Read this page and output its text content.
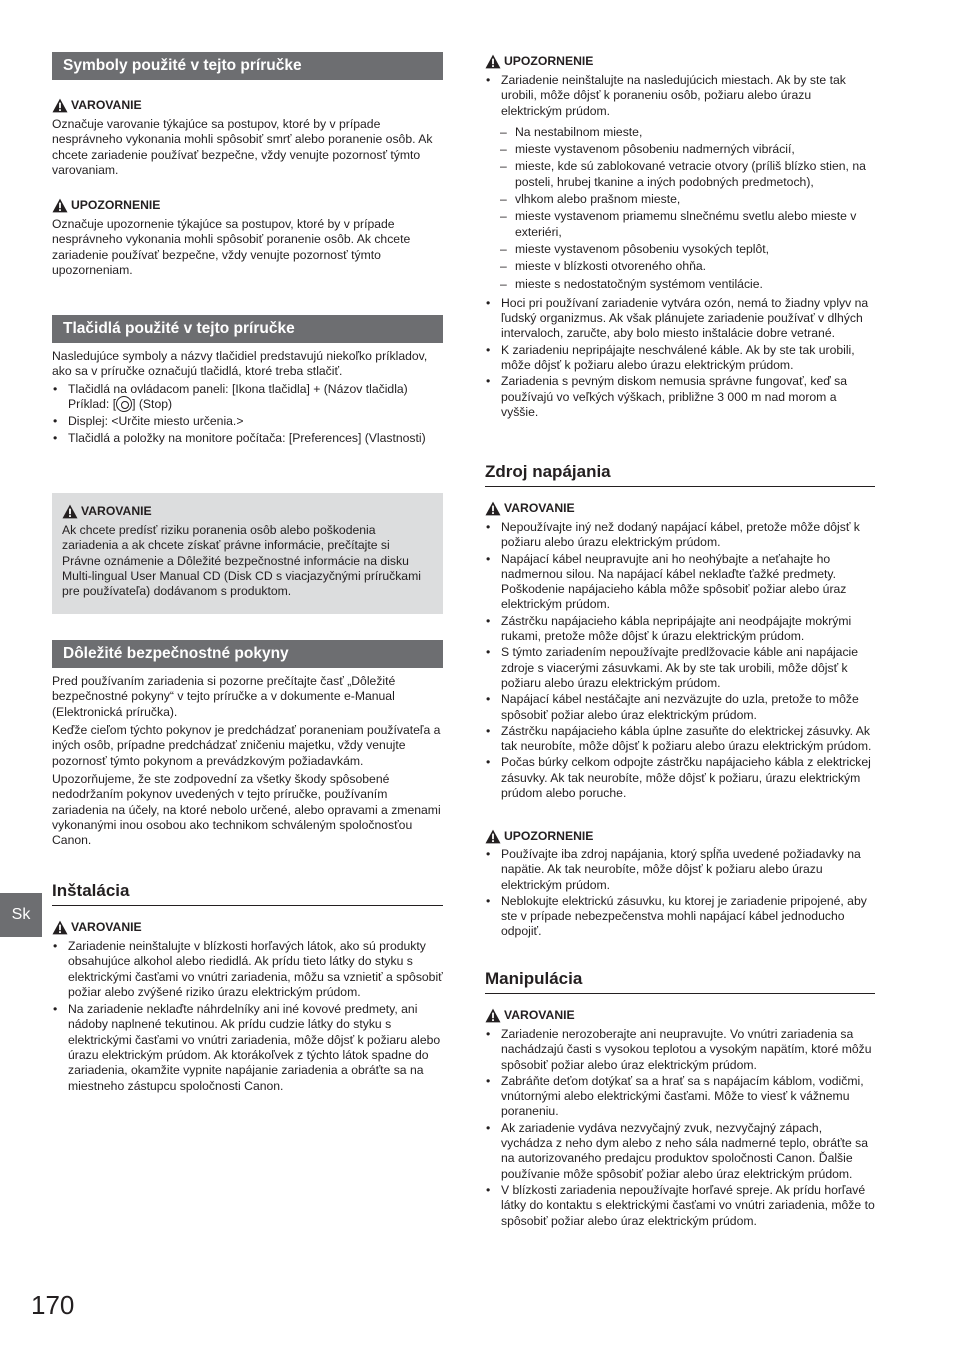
Sk
170
Symboly použité v tejto príručke
VAROVANIE
Označuje varovanie týkajúce sa postupov, ktoré by v prípade nesprávneho vykonania mohli spôsobiť smrť alebo poranenie osôb. Ak chcete zariadenie používať bezpečne, vždy venujte pozornosť týmto varovaniam.
UPOZORNENIE
Označuje upozornenie týkajúce sa postupov, ktoré by v prípade nesprávneho vykonania mohli spôsobiť poranenie osôb. Ak chcete zariadenie používať bezpečne, vždy venujte pozornosť týmto upozorneniam.
Tlačidlá použité v tejto príručke
Nasledujúce symboly a názvy tlačidiel predstavujú niekoľko príkladov, ako sa v príručke označujú tlačidlá, ktoré treba stlačiť.
• Tlačidlá na ovládacom paneli: [Ikona tlačidla] + (Názov tlačidla)
Príklad: [ ] (Stop)
• Displej: <Určite miesto určenia.>
• Tlačidlá a položky na monitore počítača: [Preferences] (Vlastnosti)
VAROVANIE
Ak chcete predísť riziku poranenia osôb alebo poškodenia zariadenia a ak chcete získať právne informácie, prečítajte si Právne oznámenie a Dôležité bezpečnostné informácie na disku Multi-lingual User Manual CD (Disk CD s viacjazyčnými príručkami pre používateľa) dodávanom s produktom.
Dôležité bezpečnostné pokyny
Pred používaním zariadenia si pozorne prečítajte časť „Dôležité bezpečnostné pokyny“ v tejto príručke a v dokumente e-Manual (Elektronická príručka).
Keďže cieľom týchto pokynov je predchádzať poraneniam používateľa a iných osôb, prípadne predchádzať zničeniu majetku, vždy venujte pozornosť týmto pokynom a prevádzkovým požiadavkám.
Upozorňujeme, že ste zodpovední za všetky škody spôsobené nedodržaním pokynov uvedených v tejto príručke, používaním zariadenia na účely, na ktoré nebolo určené, alebo opravami a zmenami vykonanými inou osobou ako technikom schváleným spoločnosťou Canon.
Inštalácia
VAROVANIE
• Zariadenie neinštalujte v blízkosti horľavých látok, ako sú produkty obsahujúce alkohol alebo riedidlá. Ak prídu tieto látky do styku s elektrickými časťami vo vnútri zariadenia, môžu sa vznietiť a spôsobiť požiar alebo zvýšené riziko úrazu elektrickým prúdom.
• Na zariadenie neklaďte náhrdelníky ani iné kovové predmety, ani nádoby naplnené tekutinou. Ak prídu cudzie látky do styku s elektrickými časťami vo vnútri zariadenia, môže dôjsť k požiaru alebo úrazu elektrickým prúdom. Ak ktorákoľvek z týchto látok spadne do zariadenia, okamžite vypnite napájanie zariadenia a obráťte sa na miestneho zástupcu spoločnosti Canon.
UPOZORNENIE
• Zariadenie neinštalujte na nasledujúcich miestach. Ak by ste tak urobili, môže dôjsť k poraneniu osôb, požiaru alebo úrazu elektrickým prúdom.
– Na nestabilnom mieste,
– mieste vystavenom pôsobeniu nadmerných vibrácií,
– mieste, kde sú zablokované vetracie otvory (príliš blízko stien, na posteli, hrubej tkanine a iných podobných predmetoch),
– vlhkom alebo prašnom mieste,
– mieste vystavenom priamemu slnečnému svetlu alebo mieste v exteriéri,
– mieste vystavenom pôsobeniu vysokých teplôt,
– mieste v blízkosti otvoreného ohňa.
– mieste s nedostatočným systémom ventilácie.
• Hoci pri používaní zariadenie vytvára ozón, nemá to žiadny vplyv na ľudský organizmus. Ak však plánujete zariadenie používať v dlhých intervaloch, zaručte, aby bolo miesto inštalácie dobre vetrané.
• K zariadeniu nepripájajte neschválené káble. Ak by ste tak urobili, môže dôjsť k požiaru alebo úrazu elektrickým prúdom.
• Zariadenia s pevným diskom nemusia správne fungovať, keď sa používajú vo veľkých výškach, približne 3 000 m nad morom a vyššie.
Zdroj napájania
VAROVANIE
• Nepoužívajte iný než dodaný napájací kábel, pretože môže dôjsť k požiaru alebo úrazu elektrickým prúdom.
• Napájací kábel neupravujte ani ho neohýbajte a neťahajte ho nadmernou silou. Na napájací kábel neklaďte ťažké predmety. Poškodenie napájacieho kábla môže spôsobiť požiar alebo úraz elektrickým prúdom.
• Zástrčku napájacieho kábla nepripájajte ani neodpájajte mokrými rukami, pretože môže dôjsť k úrazu elektrickým prúdom.
• S týmto zariadením nepoužívajte predlžovacie káble ani napájacie zdroje s viacerými zásuvkami. Ak by ste tak urobili, môže dôjsť k požiaru alebo úrazu elektrickým prúdom.
• Napájací kábel nestáčajte ani nezväzujte do uzla, pretože to môže spôsobiť požiar alebo úraz elektrickým prúdom.
• Zástrčku napájacieho kábla úplne zasuňte do elektrickej zásuvky. Ak tak neurobíte, môže dôjsť k požiaru alebo úrazu elektrickým prúdom.
• Počas búrky celkom odpojte zástrčku napájacieho kábla z elektrickej zásuvky. Ak tak neurobíte, môže dôjsť k požiaru, úrazu elektrickým prúdom alebo poruche.
UPOZORNENIE
• Používajte iba zdroj napájania, ktorý spĺňa uvedené požiadavky na napätie. Ak tak neurobíte, môže dôjsť k požiaru alebo úrazu elektrickým prúdom.
• Neblokujte elektrickú zásuvku, ku ktorej je zariadenie pripojené, aby ste v prípade nebezpečenstva mohli napájací kábel jednoducho odpojiť.
Manipulácia
VAROVANIE
• Zariadenie nerozoberajte ani neupravujte. Vo vnútri zariadenia sa nachádzajú časti s vysokou teplotou a vysokým napätím, ktoré môžu spôsobiť požiar alebo úraz elektrickým prúdom.
• Zabráňte deťom dotýkať sa a hrať sa s napájacím káblom, vodičmi, vnútornými alebo elektrickými časťami. Môže to viesť k vážnemu poraneniu.
• Ak zariadenie vydáva nezvyčajný zvuk, nezvyčajný zápach, vychádza z neho dym alebo z neho sála nadmerné teplo, obráťte sa na autorizovaného predajcu produktov spoločnosti Canon. Ďalšie používanie môže spôsobiť požiar alebo úraz elektrickým prúdom.
• V blízkosti zariadenia nepoužívajte horľavé spreje. Ak prídu horľavé látky do kontaktu s elektrickými časťami vo vnútri zariadenia, môže to spôsobiť požiar alebo úraz elektrickým prúdom.
